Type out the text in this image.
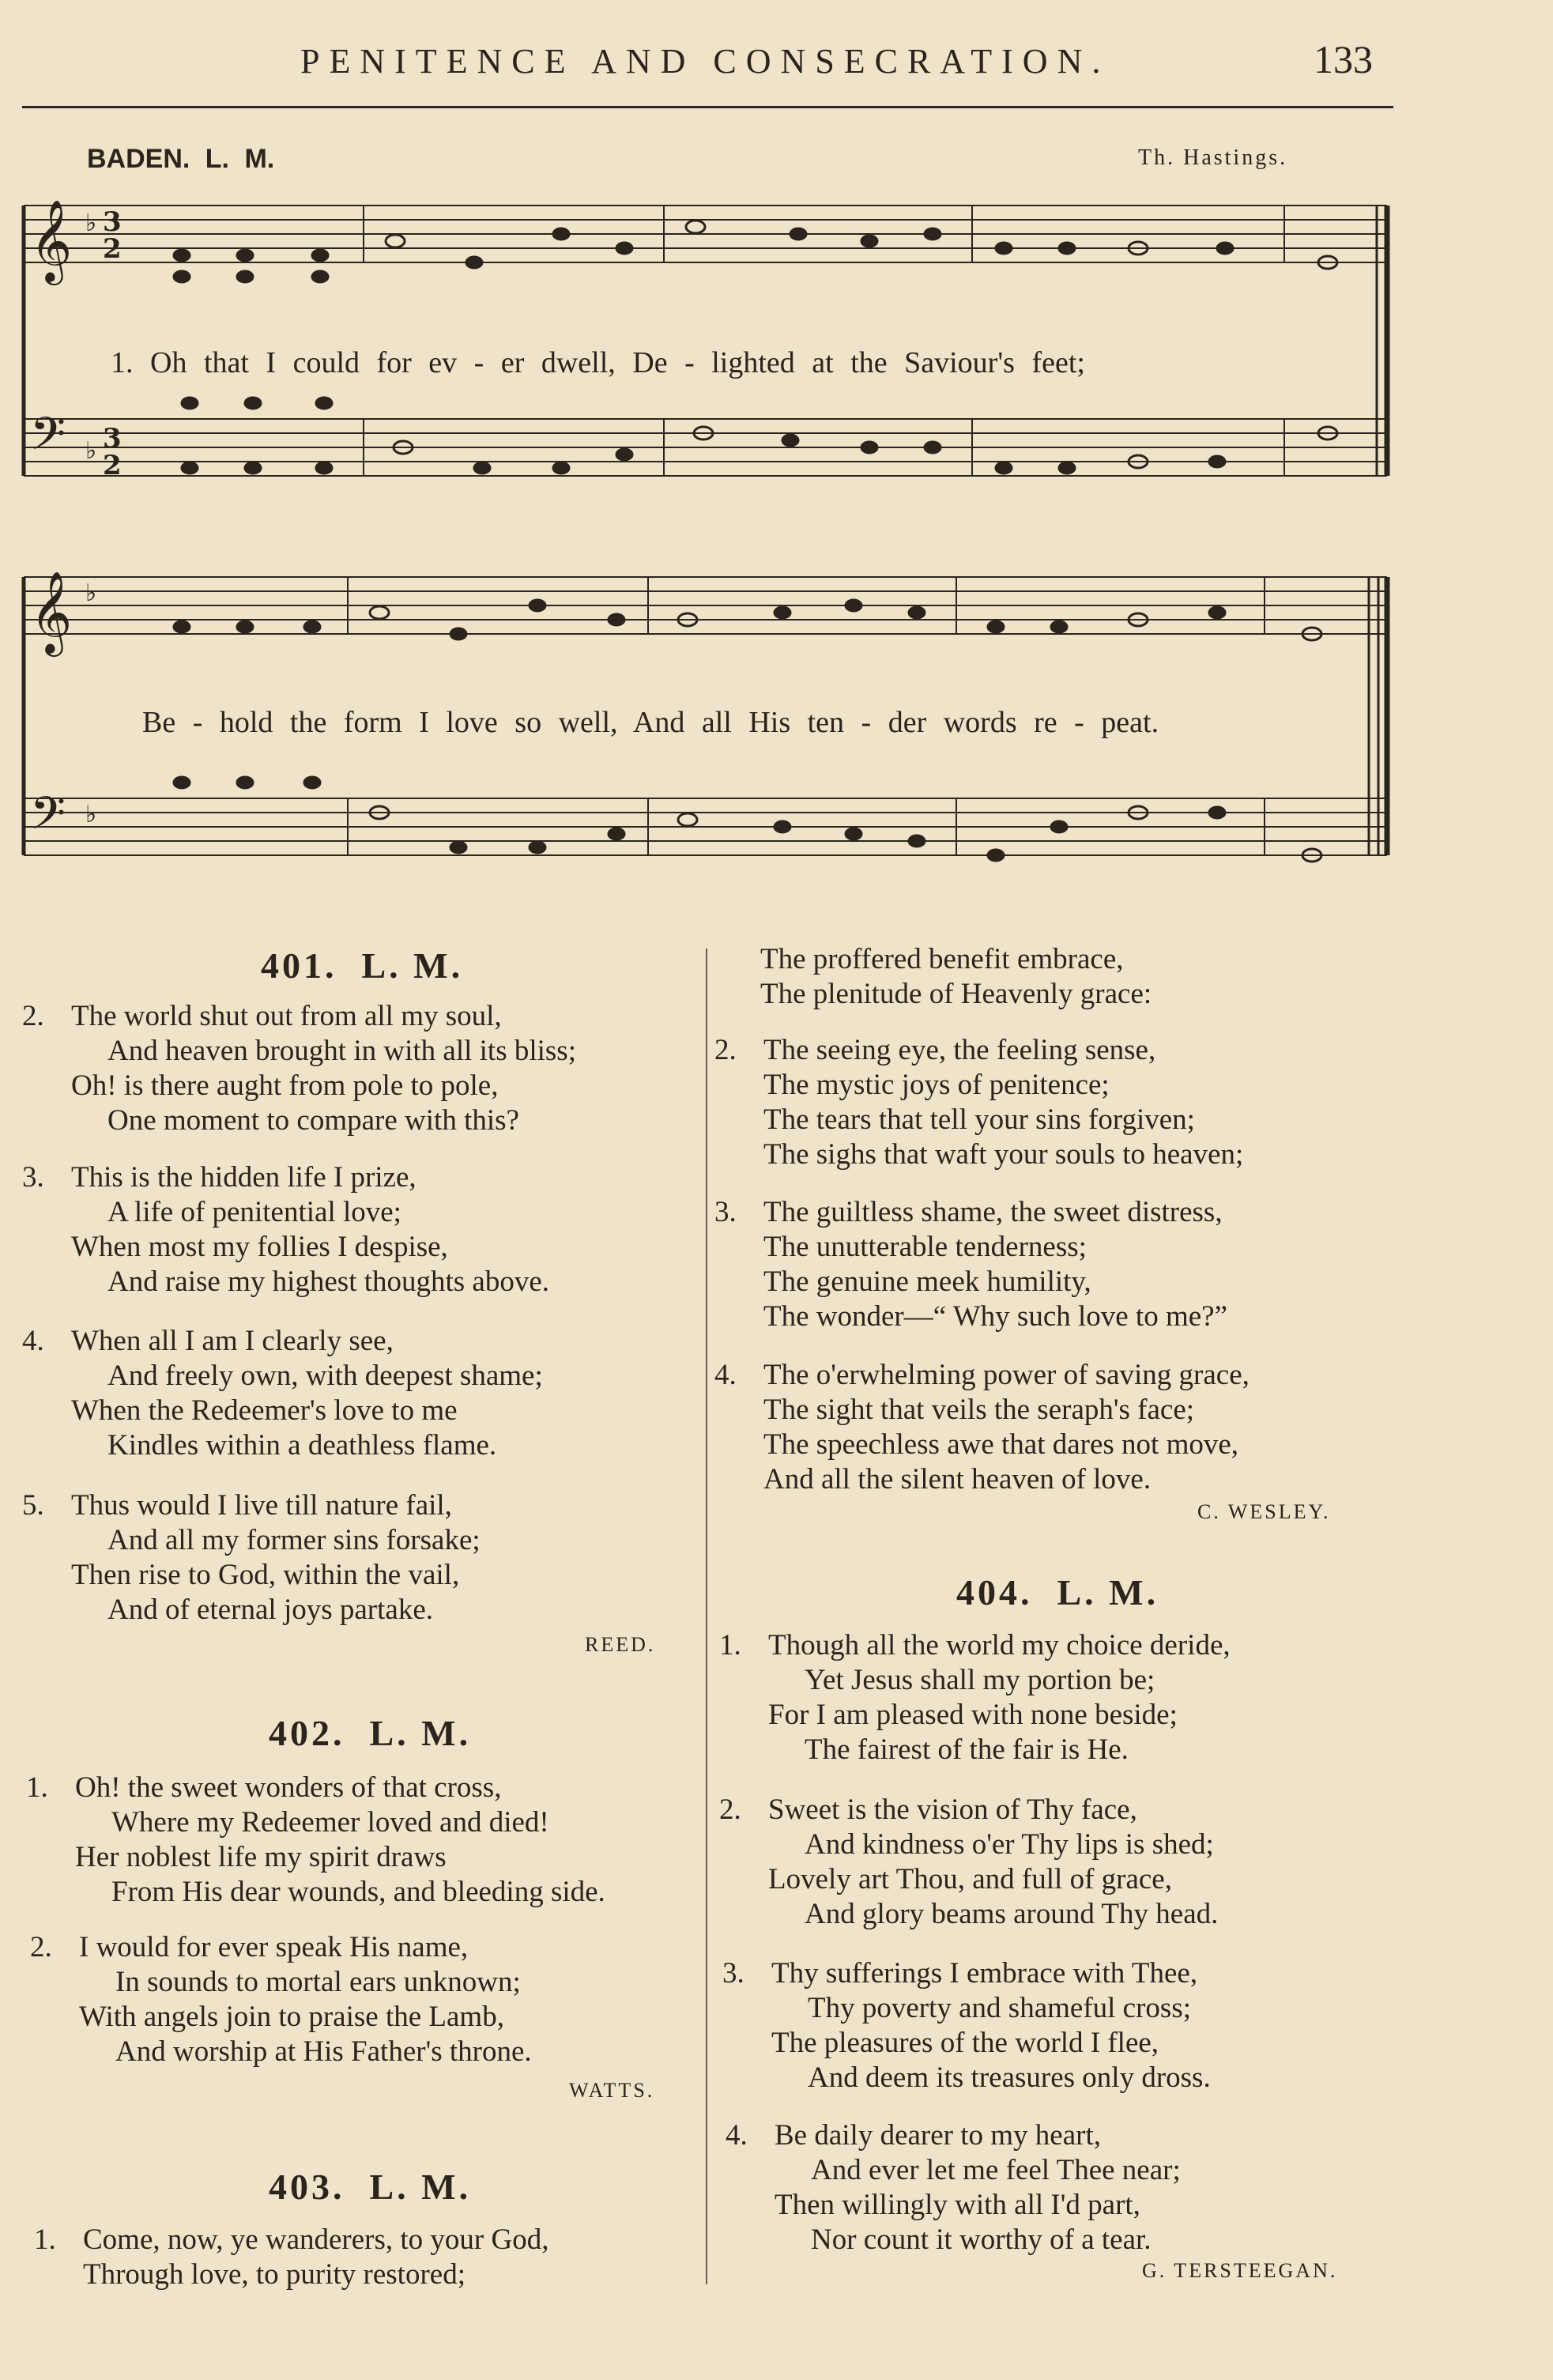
PENITENCE AND CONSECRATION.	133
BADEN. L. M.	Th. Hastings.
𝄞
𝄢
𝄞
𝄢
♭ 3
2
♭ 3
2
♭
♭
1. Oh that I could for ev - er dwell, De - lighted at the Saviour's feet;
Be - hold the form I love so well, And all His ten - der words re - peat.
401. L. M.
2. The world shut out from all my soul,
And heaven brought in with all its bliss;
Oh! is there aught from pole to pole,
One moment to compare with this?
3. This is the hidden life I prize,
A life of penitential love;
When most my follies I despise,
And raise my highest thoughts above.
4. When all I am I clearly see,
And freely own, with deepest shame;
When the Redeemer's love to me
Kindles within a deathless flame.
5. Thus would I live till nature fail,
And all my former sins forsake;
Then rise to God, within the vail,
And of eternal joys partake.
REED.
402. L. M.
1. Oh! the sweet wonders of that cross,
Where my Redeemer loved and died!
Her noblest life my spirit draws
From His dear wounds, and bleeding side.
2. I would for ever speak His name,
In sounds to mortal ears unknown;
With angels join to praise the Lamb,
And worship at His Father's throne.
WATTS.
403. L. M.
1. Come, now, ye wanderers, to your God,
Through love, to purity restored;
The proffered benefit embrace,
The plenitude of Heavenly grace:
2. The seeing eye, the feeling sense,
The mystic joys of penitence;
The tears that tell your sins forgiven;
The sighs that waft your souls to heaven;
3. The guiltless shame, the sweet distress,
The unutterable tenderness;
The genuine meek humility,
The wonder—“ Why such love to me?”
4. The o'erwhelming power of saving grace,
The sight that veils the seraph's face;
The speechless awe that dares not move,
And all the silent heaven of love.
C. WESLEY.
404. L. M.
1. Though all the world my choice deride,
Yet Jesus shall my portion be;
For I am pleased with none beside;
The fairest of the fair is He.
2. Sweet is the vision of Thy face,
And kindness o'er Thy lips is shed;
Lovely art Thou, and full of grace,
And glory beams around Thy head.
3. Thy sufferings I embrace with Thee,
Thy poverty and shameful cross;
The pleasures of the world I flee,
And deem its treasures only dross.
4. Be daily dearer to my heart,
And ever let me feel Thee near;
Then willingly with all I'd part,
Nor count it worthy of a tear.
G. TERSTEEGAN.
